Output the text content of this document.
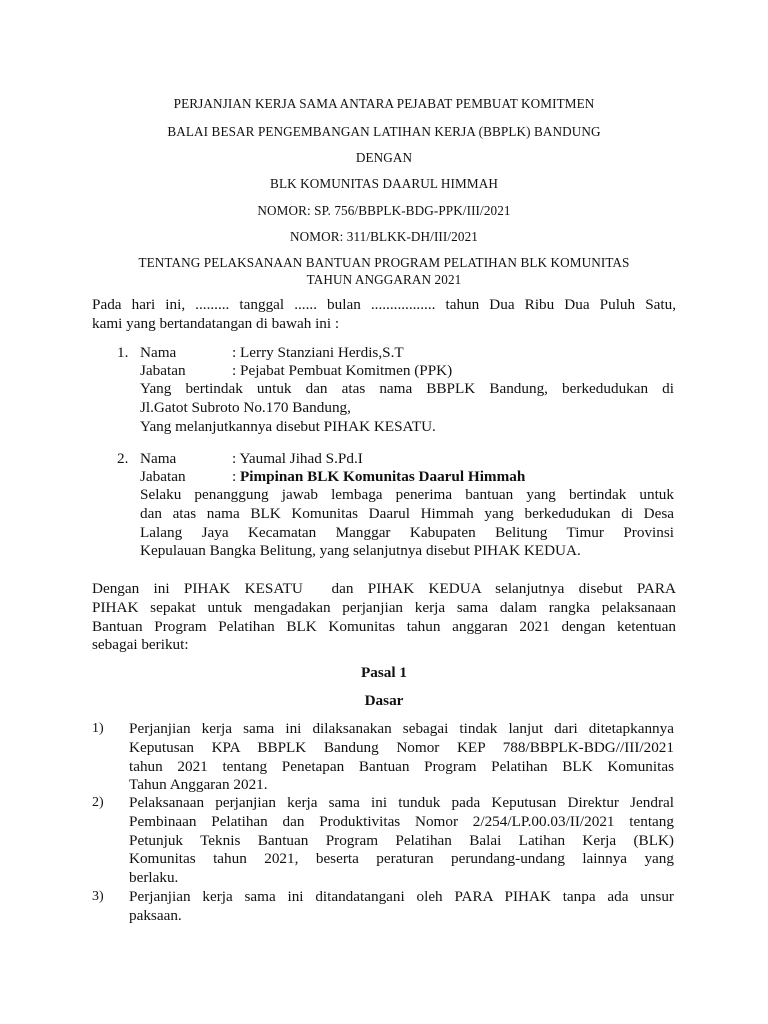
PERJANJIAN KERJA SAMA ANTARA PEJABAT PEMBUAT KOMITMEN
BALAI BESAR PENGEMBANGAN LATIHAN KERJA (BBPLK) BANDUNG
DENGAN
BLK KOMUNITAS DAARUL HIMMAH
NOMOR: SP. 756/BBPLK-BDG-PPK/III/2021
NOMOR: 311/BLKK-DH/III/2021
TENTANG PELAKSANAAN BANTUAN PROGRAM PELATIHAN BLK KOMUNITAS
TAHUN ANGGARAN 2021
Pada hari ini, ......... tanggal ...... bulan ................. tahun Dua Ribu Dua Puluh Satu,
kami yang bertandatangan di bawah ini :
1. Nama	: Lerry Stanziani Herdis,S.T
Jabatan	: Pejabat Pembuat Komitmen (PPK)
Yang bertindak untuk dan atas nama BBPLK Bandung, berkedudukan di
Jl.Gatot Subroto No.170 Bandung,
Yang melanjutkannya disebut PIHAK KESATU.
2. Nama	: Yaumal Jihad S.Pd.I
Jabatan	: Pimpinan BLK Komunitas Daarul Himmah
Selaku penanggung jawab lembaga penerima bantuan yang bertindak untuk
dan atas nama BLK Komunitas Daarul Himmah yang berkedudukan di Desa
Lalang Jaya Kecamatan Manggar Kabupaten Belitung Timur Provinsi
Kepulauan Bangka Belitung, yang selanjutnya disebut PIHAK KEDUA.
Dengan ini PIHAK KESATU  dan PIHAK KEDUA selanjutnya disebut PARA
PIHAK sepakat untuk mengadakan perjanjian kerja sama dalam rangka pelaksanaan
Bantuan Program Pelatihan BLK Komunitas tahun anggaran 2021 dengan ketentuan
sebagai berikut:
Pasal 1
Dasar
1) Perjanjian kerja sama ini dilaksanakan sebagai tindak lanjut dari ditetapkannya
Keputusan KPA BBPLK Bandung Nomor KEP 788/BBPLK-BDG//III/2021
tahun 2021 tentang Penetapan Bantuan Program Pelatihan BLK Komunitas
Tahun Anggaran 2021.
2) Pelaksanaan perjanjian kerja sama ini tunduk pada Keputusan Direktur Jendral
Pembinaan Pelatihan dan Produktivitas Nomor 2/254/LP.00.03/II/2021 tentang
Petunjuk Teknis Bantuan Program Pelatihan Balai Latihan Kerja (BLK)
Komunitas tahun 2021, beserta peraturan perundang-undang lainnya yang
berlaku.
3) Perjanjian kerja sama ini ditandatangani oleh PARA PIHAK tanpa ada unsur
paksaan.
